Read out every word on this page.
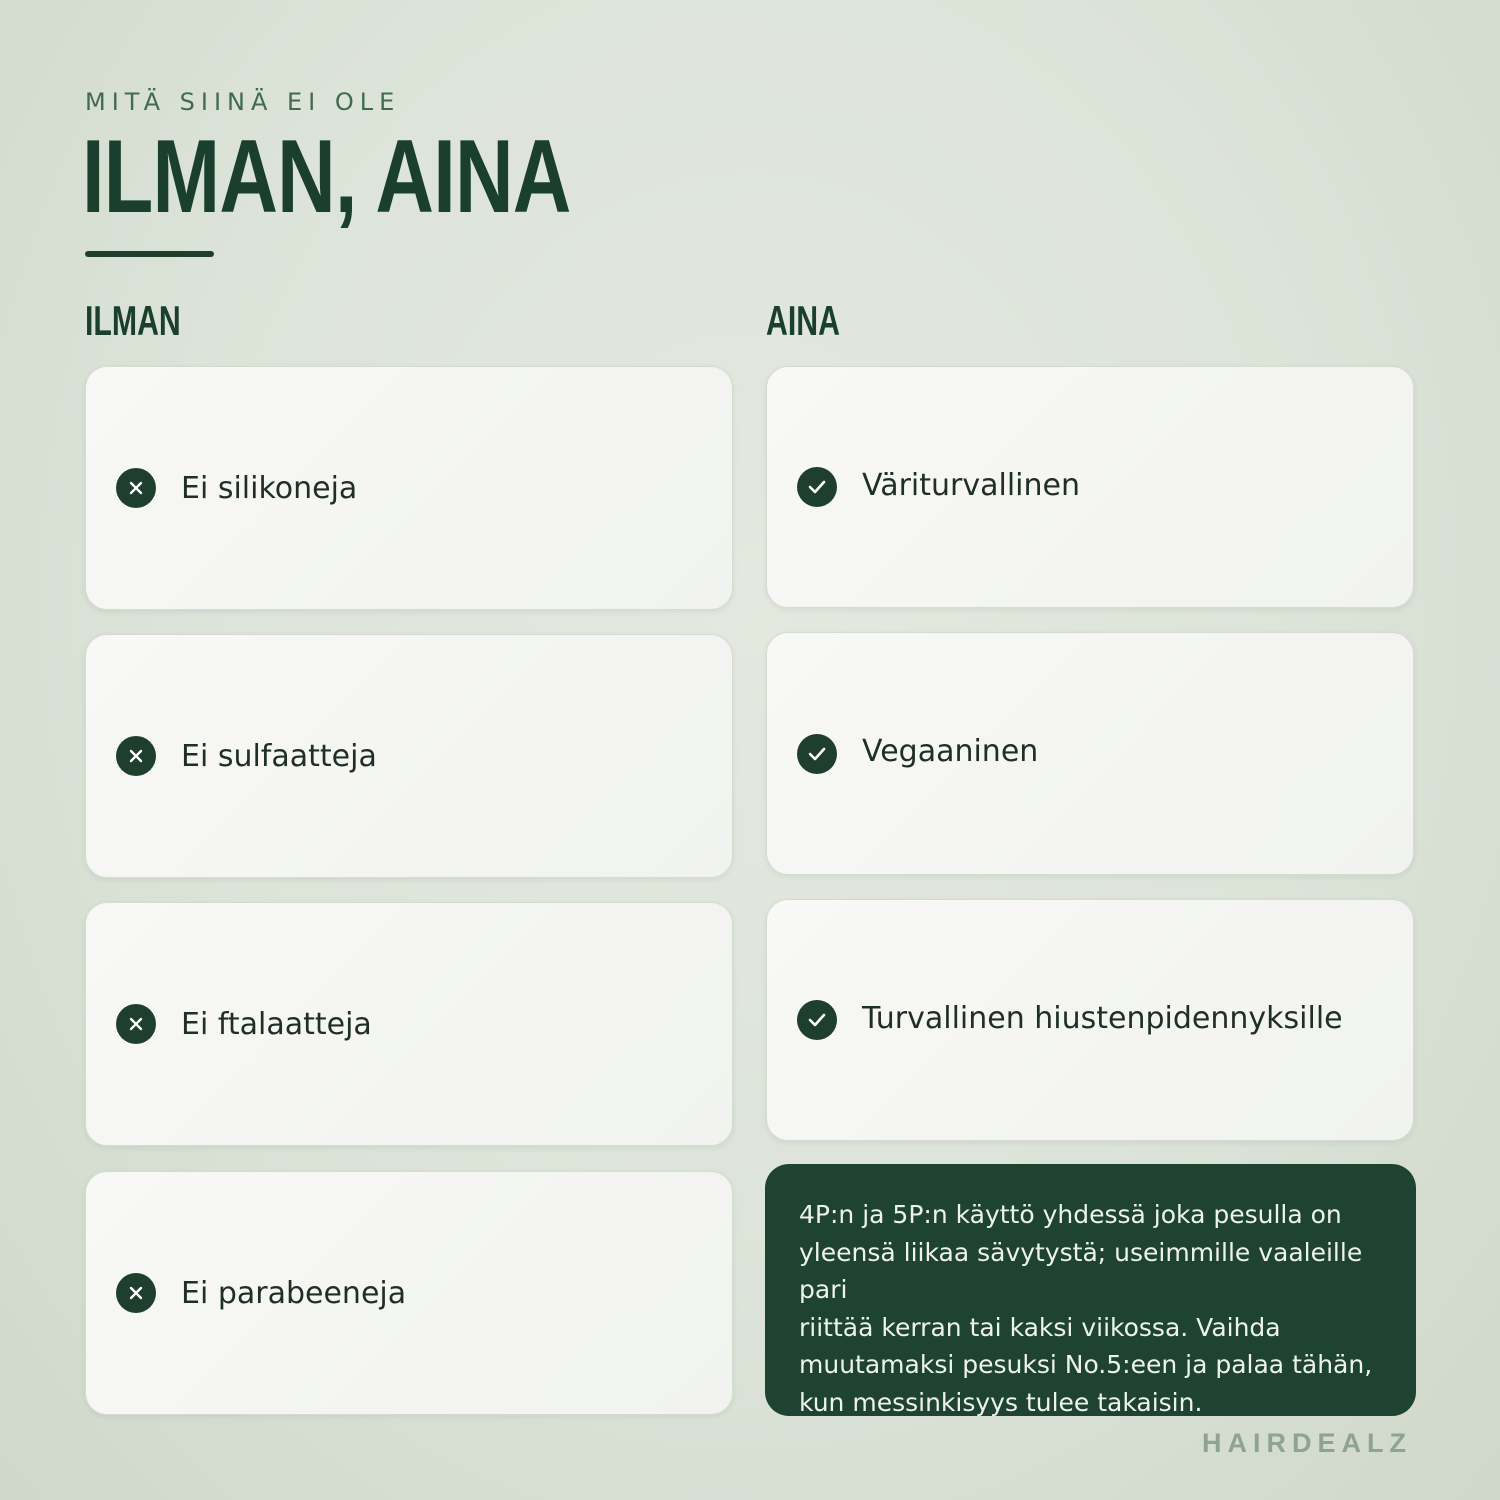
MITÄ SIINÄ EI OLE
ILMAN, AINA
ILMAN	AINA
Ei silikoneja
Ei sulfaatteja
Ei ftalaatteja
Ei parabeeneja
Väriturvallinen
Vegaaninen
Turvallinen hiustenpidennyksille

4P:n ja 5P:n käyttö yhdessä joka pesulla on

yleensä liikaa sävytystä; useimmille vaaleille pari

riittää kerran tai kaksi viikossa. Vaihda

muutamaksi pesuksi No.5:een ja palaa tähän,

kun messinkisyys tulee takaisin.

HAIRDEALZ
